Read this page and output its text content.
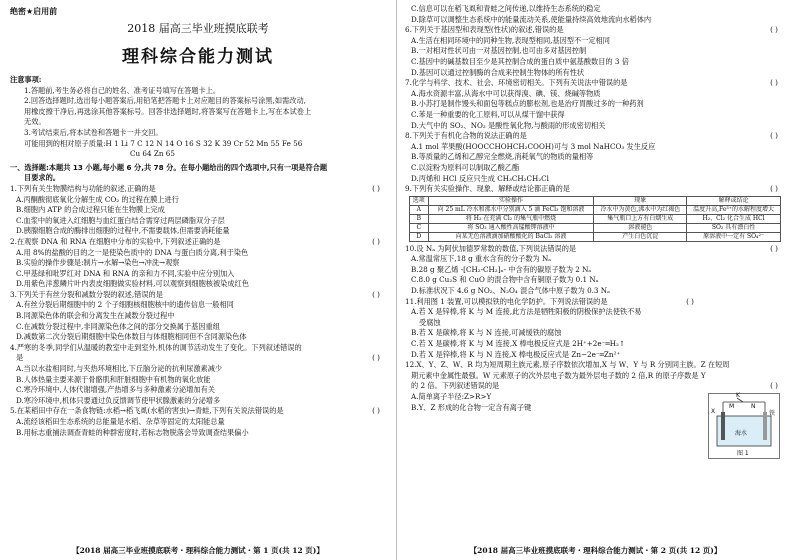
绝密★启用前

2018 届高三毕业班摸底联考

理科综合能力测试

注意事项:

1.答题前,考生务必将自己的姓名、准考证号填写在答题卡上。

2.回答选择题时,选出每小题答案后,用铅笔把答题卡上对应题目的答案标号涂黑,如需改动,

用橡皮擦干净后,再选涂其他答案标号。回答非选择题时,将答案写在答题卡上,写在本试卷上

无效。

3.考试结束后,将本试卷和答题卡一并交回。

可能用到的相对原子质量:H 1 Li 7 C 12 N 14 O 16 S 32 K 39 Cr 52 Mn 55 Fe 56

Cu 64 Zn 65

一、选择题:本题共 13 小题,每小题 6 分,共 78 分。在每小题给出的四个选项中,只有一项是符合题

目要求的。

1.下列有关生物膜结构与功能的叙述,正确的是	( )

A.丙酮酸彻底氧化分解生成 CO₂ 的过程在膜上进行

B.细胞内 ATP 的合成过程只能在生物膜上完成

C.血浆中的氧进入红细胞与血红蛋白结合需穿过两层磷脂双分子层

D.胰腺细胞合成的酶排出细胞的过程中,不需要载体,但需要消耗能量

2.在观察 DNA 和 RNA 在细胞中分布的实验中,下列叙述正确的是	( )

A.用 8%的盐酸的目的之一是使染色质中的 DNA 与蛋白质分离,利于染色

B.实验的操作步骤是:制片→水解→染色→冲洗→观察

C.甲基绿和吡罗红对 DNA 和 RNA 的亲和力不同,实验中应分别加入

D.用紫色洋葱鳞片叶内表皮细胞做实验材料,可以观察到细胞核被染成红色

3.下列关于有丝分裂和减数分裂的叙述,错误的是	( )

A.有丝分裂后期细胞中的 2 个子细胞核细胞核中的遗传信息一般相同

B.同源染色体的联会和分离发生在减数分裂过程中

C.在减数分裂过程中,非同源染色体之间的部分交换属于基因重组

D.减数第二次分裂后期细胞中染色体数目与体细胞相同但不含同源染色体

4.严寒的冬季,同学们从温暖的教室中走到室外,机体的调节活动发生了变化。下列叙述错误的

是	( )

A.当以水盐相同时,与夹热环境相比,下丘脑分泌的抗利尿激素减少

B.人体热量主要来源于骨骼肌和肝脏细胞中有机物的氧化放能

C.寒冷环境中,人体代谢增强,产热增多与多种激素分泌增加有关

D.寒冷环境中,机体只要通过负反馈调节使甲状腺激素的分泌增多

5.在某稻田中存在一条食物链:水稻→稻飞虱(水稻的害虫)→青蛙,下列有关说法错误的是	( )

A.流经该稻田生态系统的总能量是水稻、杂草等固定的太阳能总量

B.用标志重捕法调查青蛙的种群密度时,若标志物脱落会导致调查结果偏小

【2018 届高三毕业班摸底联考・理科综合能力测试・第 1 页(共 12 页)】

C.信息可以在稻飞虱和青蛙之间传递,以维持生态系统的稳定

D.除草可以调整生态系统中的能量流动关系,使能量持续高效地流向水稻体内

6.下列关于基因型和表现型(性状)的叙述,错误的是	( )

A.生活在相同环境中的同种生物,表现型相同,基因型不一定相同

B.一对相对性状可由一对基因控制,也可由多对基因控制

C.基因中的碱基数目至少是其控制合成的蛋白质中氨基酸数目的 3 倍

D.基因可以通过控制酶的合成来控制生物体的所有性状

7.化学与科学、技术、社会、环境密切相关。下列有关说法中错误的是	( )

A.海水资源丰富,从海水中可以获得溴、碘、镁、烧碱等物质

B.小苏打是制作馒头和面包等糕点的膨松剂,也是治疗胃酸过多的一种药剂

C.苯是一种重要的化工原料,可以从煤干馏中获得

D.大气中的 SO₂、NO₂ 是酸性氧化物,与酸雨的形成密切相关

8.下列关于有机化合物的说法正确的是	( )

A.1 mol 苹果酸(HOOCCHOHCH₂COOH)可与 3 mol NaHCO₃ 发生反应

B.等质量的乙烯和乙醇完全燃烧,消耗氧气的物质的量相等

C.以淀粉为原料可以制取乙酸乙酯

D.丙烯和 HCl 反应只生成 CH₃CH₂CH₂Cl

9.下列有关实验操作、现象、解释或结论都正确的是	( )

选项	实验操作	现象	解释或结论
A	向 25 mL 冷水和沸水中分别滴入 5 滴 FeCl₃ 饱和溶液	冷水中为黄色,沸水中为红褐色	温度升高,Fe³⁺的水解程度增大
B	将 H₂ 在充满 Cl₂ 的集气瓶中燃烧	集气瓶口上方有白烟生成	H₂、Cl₂ 化合生成 HCl
C	将 SO₂ 通入酸性高锰酸钾溶液中	溶液褪色	SO₂ 具有漂白性
D	向某无色溶液滴加硝酸酸化的 BaCl₂ 溶液	产生白色沉淀	原溶液中一定有 SO₄²⁻

10.设 Nₐ 为阿伏加德罗常数的数值,下列说法错误的是	( )

A.常温常压下,18 g 重水含有的分子数为 Nₐ

B.28 g 聚乙烯 -[CH₂-CH₂]ₙ- 中含有的碳原子数为 2 Nₐ

C.8.0 g Cu₂S 和 CuO 的混合物中含有铜原子数为 0.1 Nₐ

D.标准状况下 4.6 g NO₂、N₂O₄ 混合气体中原子数为 0.3 Nₐ

11.利用图 1 装置,可以模拟铁的电化学防护。下列说法错误的是	( )

A.若 X 是锌棒,将 K 与 M 连接,此方法是牺牲阳极的阴极保护法使铁不易

受腐蚀

B.若 X 是碳棒,将 K 与 N 连接,可减缓铁的腐蚀

C.若 X 是碳棒,将 K 与 M 连接,X 棒电极反应式是 2H⁺+2e⁻═H₂↑

D.若 X 是锌棒,将 K 与 N 连接,X 棒电极反应式是 Zn−2e⁻═Zn²⁺

12.X、Y、Z、W、R 均为短周期主族元素,原子序数依次增加,X 与 W、Y 与 R 分别同主族。Z 在短周

期元素中金属性最强。W 元素原子的次外层电子数为最外层电子数的 2 倍,R 的原子序数是 Y

的 2 倍。下列叙述错误的是	( )

A.简单离子半径:Z>R>Y

B.Y、Z 形成的化合物一定含有离子键

K
M	N
X	铁
海水
图 1
【2018 届高三毕业班摸底联考・理科综合能力测试・第 2 页(共 12 页)】
